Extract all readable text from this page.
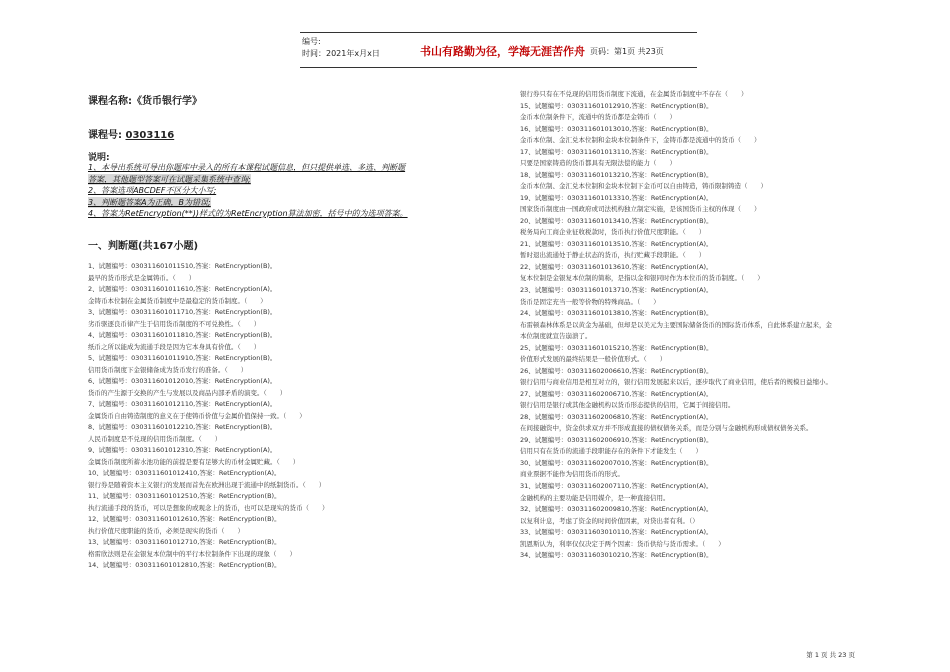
编号:
时间：2021年x月x日	书山有路勤为径，学海无涯苦作舟 页码：第1页 共23页
课程名称:《货币银行学》
课程号: 0303116
说明:
1、本导出系统可导出你题库中录入的所有本课程试题信息，但只提供单选、多选、判断题
答案，其他题型答案可在试题采集系统中查询;
2、答案选项ABCDEF不区分大小写;
3、判断题答案A为正确，B为错误;
4、答案为RetEncryption(**))样式的为RetEncryption算法加密，括号中的为选项答案。
一、判断题(共167小题)
1、试题编号：030311601011510,答案：RetEncryption(B)。
最早的货币形式是金属铸币。（　　）
2、试题编号：030311601011610,答案：RetEncryption(A)。
金铸币本位制在金属货币制度中是最稳定的货币制度。（　　）
3、试题编号：030311601011710,答案：RetEncryption(B)。
劣币驱逐良币律产生于信用货币制度的不可兑换性。（　　）
4、试题编号：030311601011810,答案：RetEncryption(B)。
纸币之所以能成为流通手段是因为它本身具有价值。（　　）
5、试题编号：030311601011910,答案：RetEncryption(B)。
信用货币制度下金银储备成为货币发行的准备。（　　）
6、试题编号：030311601012010,答案：RetEncryption(A)。
货币的产生源于交换的产生与发展以及商品内部矛盾的演变。（　　）
7、试题编号：030311601012110,答案：RetEncryption(A)。
金属货币自由铸造制度的意义在于使铸币价值与金属价值保持一致。（　　）
8、试题编号：030311601012210,答案：RetEncryption(B)。
人民币制度是不兑现的信用货币制度。（　　）
9、试题编号：030311601012310,答案：RetEncryption(A)。
金属货币制度所蓄水池功能的前提是要有足够大的币材金属贮藏。（　　）
10、试题编号：030311601012410,答案：RetEncryption(A)。
银行券是随着资本主义银行的发展而首先在欧洲出现于流通中的纸制货币。（　　）
11、试题编号：030311601012510,答案：RetEncryption(B)。
执行流通手段的货币，可以是想象的或观念上的货币，也可以是现实的货币（　　）
12、试题编号：030311601012610,答案：RetEncryption(B)。
执行价值尺度职能的货币，必须是现实的货币（　　）
13、试题编号：030311601012710,答案：RetEncryption(B)。
格雷欣法则是在金银复本位制中的平行本位制条件下出现的现象（　　）
14、试题编号：030311601012810,答案：RetEncryption(B)。
银行券只有在不兑现的信用货币制度下流通，在金属货币制度中不存在（　　）
15、试题编号：030311601012910,答案：RetEncryption(B)。
金币本位制条件下，流通中的货币都是金铸币（　　）
16、试题编号：030311601013010,答案：RetEncryption(B)。
金币本位制、金汇兑本位制和金块本位制条件下，金铸币都是流通中的货币（　　）
17、试题编号：030311601013110,答案：RetEncryption(B)。
只要是国家铸造的货币都具有无限法偿的能力（　　）
18、试题编号：030311601013210,答案：RetEncryption(B)。
金币本位制、金汇兑本位制和金块本位制下金币可以自由铸造，铸币限制铸造（　　）
19、试题编号：030311601013310,答案：RetEncryption(A)。
国家货币制度由一国政府或司法机构独立制定实施，是该国货币主权的体现（　　）
20、试题编号：030311601013410,答案：RetEncryption(B)。
税务局向工商企业征收税款时，货币执行价值尺度职能。（　　）
21、试题编号：030311601013510,答案：RetEncryption(A)。
暂时退出流通处于静止状态的货币，执行贮藏手段职能。（　　）
22、试题编号：030311601013610,答案：RetEncryption(A)。
复本位制是金银复本位制的简称，是指以金和银同时作为本位币的货币制度。（　　）
23、试题编号：030311601013710,答案：RetEncryption(A)。
货币是固定充当一般等价物的特殊商品。（　　）
24、试题编号：030311601013810,答案：RetEncryption(B)。
布雷顿森林体系是以黄金为基础，但却是以美元为主要国际储备货币的国际货币体系，自此体系建立起来，金
本位制度就宣告崩溃了。
25、试题编号：030311601015210,答案：RetEncryption(B)。
价值形式发展的最终结果是一般价值形式。（　　）
26、试题编号：030311602006610,答案：RetEncryption(B)。
银行信用与商业信用是相互对立的，银行信用发展起来以后，逐步取代了商业信用，使后者的规模日益缩小。
27、试题编号：030311602006710,答案：RetEncryption(A)。
银行信用是银行或其他金融机构以货币形态提供的信用，它属于间接信用。
28、试题编号：030311602006810,答案：RetEncryption(A)。
在间接融资中，资金供求双方并不形成直接的债权债务关系，而是分别与金融机构形成债权债务关系。
29、试题编号：030311602006910,答案：RetEncryption(B)。
信用只有在货币的流通手段职能存在的条件下才能发生（　　）
30、试题编号：030311602007010,答案：RetEncryption(B)。
商业票据不能作为信用货币的形式。
31、试题编号：030311602007110,答案：RetEncryption(A)。
金融机构的主要功能是信用媒介，是一种直接信用。
32、试题编号：030311602009810,答案：RetEncryption(A)。
以复利计息，考虑了资金的时间价值因素，对贷出者有利。（）
33、试题编号：030311603010110,答案：RetEncryption(A)。
凯恩斯认为，利率仅仅决定于两个因素：货币供给与货币需求。（　　）
34、试题编号：030311603010210,答案：RetEncryption(B)。
第 1 页 共 23 页
